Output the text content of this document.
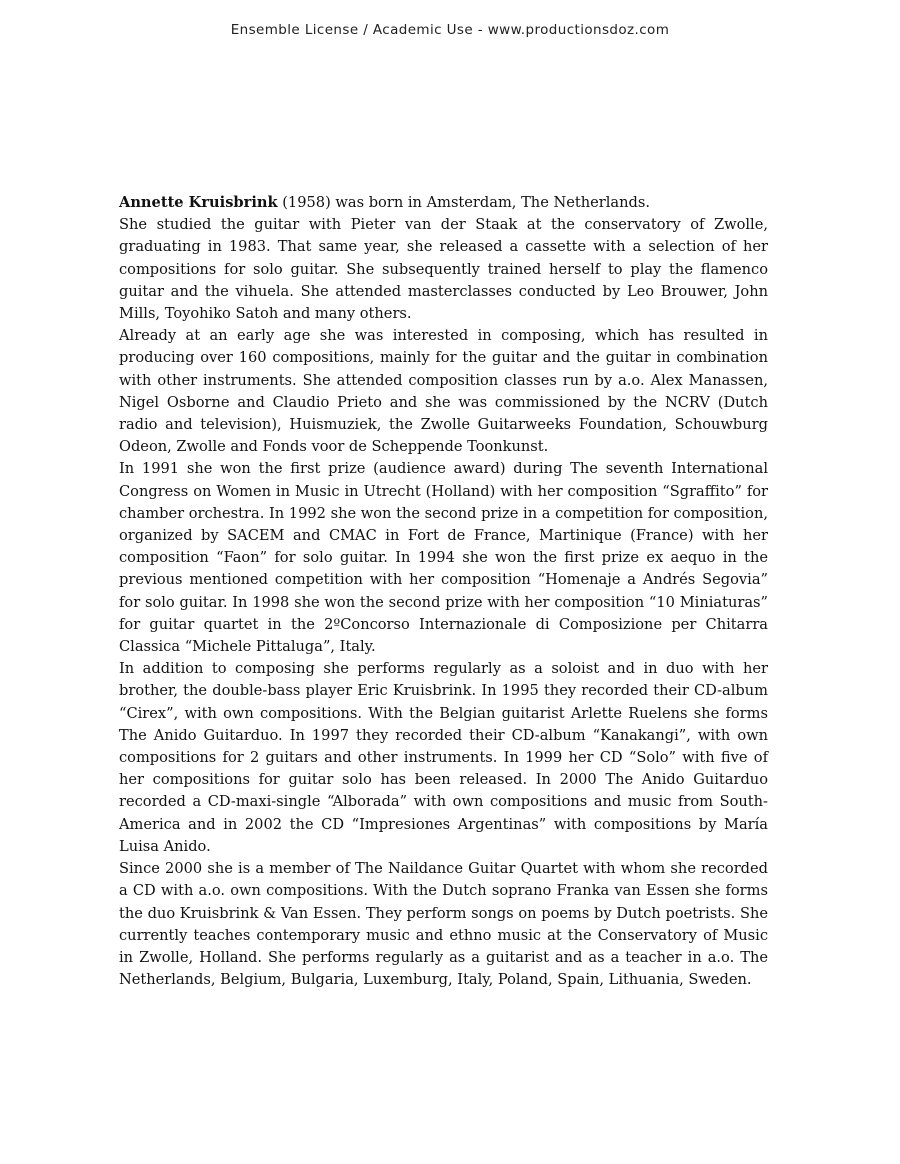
Ensemble License / Academic Use - www.productionsdoz.com

Annette Kruisbrink (1958) was born in Amsterdam, The Netherlands.

She studied the guitar with Pieter van der Staak at the conservatory of Zwolle, graduating in 1983. That same year, she released a cassette with a selection of her compositions for solo guitar. She subsequently trained herself to play the flamenco guitar and the vihuela. She attended masterclasses conducted by Leo Brouwer, John Mills, Toyohiko Satoh and many others.

Already at an early age she was interested in composing, which has resulted in producing over 160 compositions, mainly for the guitar and the guitar in combination with other instruments. She attended composition classes run by a.o. Alex Manassen, Nigel Osborne and Claudio Prieto and she was commissioned by the NCRV (Dutch radio and television), Huismuziek, the Zwolle Guitarweeks Foundation, Schouwburg Odeon, Zwolle and Fonds voor de Scheppende Toonkunst.

In 1991 she won the first prize (audience award) during The seventh International Congress on Women in Music in Utrecht (Holland) with her composition “Sgraffito” for chamber orchestra. In 1992 she won the second prize in a competition for composition, organized by SACEM and CMAC in Fort de France, Martinique (France) with her composition “Faon” for solo guitar. In 1994 she won the first prize ex aequo in the previous mentioned competition with her composition “Homenaje a Andrés Segovia” for solo guitar. In 1998 she won the second prize with her composition “10 Miniaturas” for guitar quartet in the 2ºConcorso Internazionale di Composizione per Chitarra Classica “Michele Pittaluga”, Italy.

In addition to composing she performs regularly as a soloist and in duo with her brother, the double-bass player Eric Kruisbrink. In 1995 they recorded their CD-album “Cirex”, with own compositions. With the Belgian guitarist Arlette Ruelens she forms The Anido Guitarduo. In 1997 they recorded their CD-album “Kanakangi”, with own compositions for 2 guitars and other instruments. In 1999 her CD “Solo” with five of her compositions for guitar solo has been released. In 2000 The Anido Guitarduo recorded a CD-maxi-single “Alborada” with own compositions and music from South-America and in 2002 the CD “Impresiones Argentinas” with compositions by María Luisa Anido.

Since 2000 she is a member of The Naildance Guitar Quartet with whom she recorded a CD with a.o. own compositions. With the Dutch soprano Franka van Essen she forms the duo Kruisbrink & Van Essen. They perform songs on poems by Dutch poetrists. She currently teaches contemporary music and ethno music at the Conservatory of Music in Zwolle, Holland. She performs regularly as a guitarist and as a teacher in a.o. The Netherlands, Belgium, Bulgaria, Luxemburg, Italy, Poland, Spain, Lithuania, Sweden.
